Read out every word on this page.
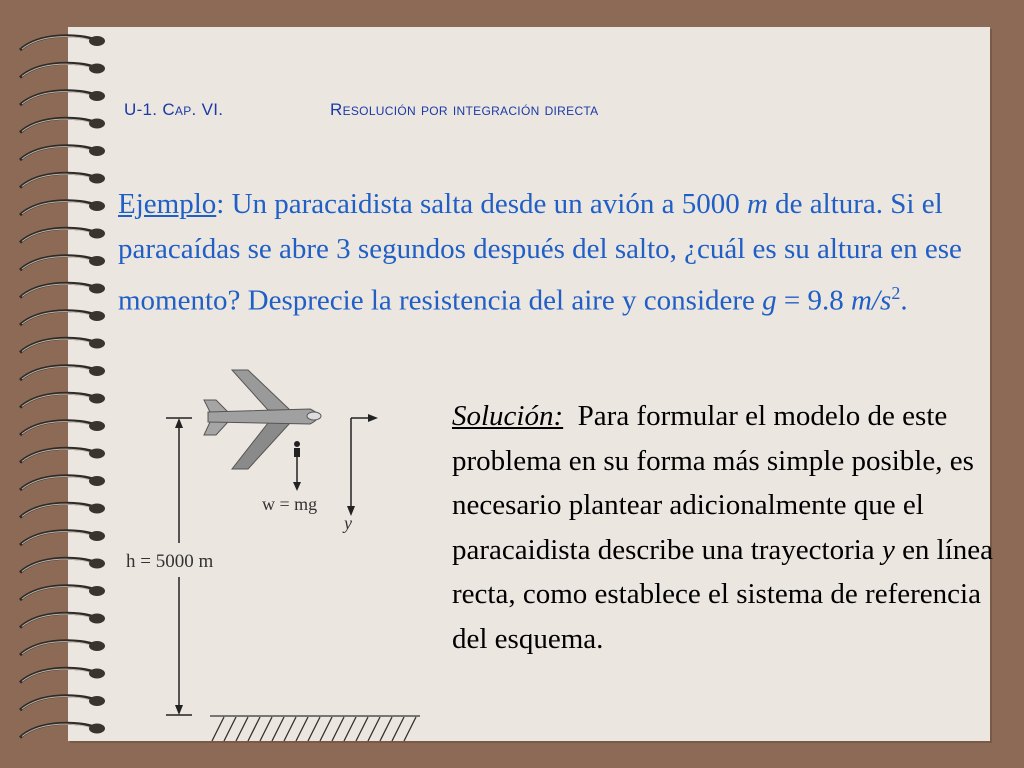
U-1. Cap. VI.	Resolución por integración directa
Ejemplo: Un paracaidista salta desde un avión a 5000 m de altura. Si el paracaídas se abre 3 segundos después del salto, ¿cuál es su altura en ese momento? Desprecie la resistencia del aire y considere g = 9.8 $m/s^2$.
h = 5000 m
w = mg
y
Solución:  Para formular el modelo de este problema en su forma más simple posible, es necesario plantear adicionalmente que el paracaidista describe una trayectoria y en línea recta, como establece el sistema de referencia del esquema.
